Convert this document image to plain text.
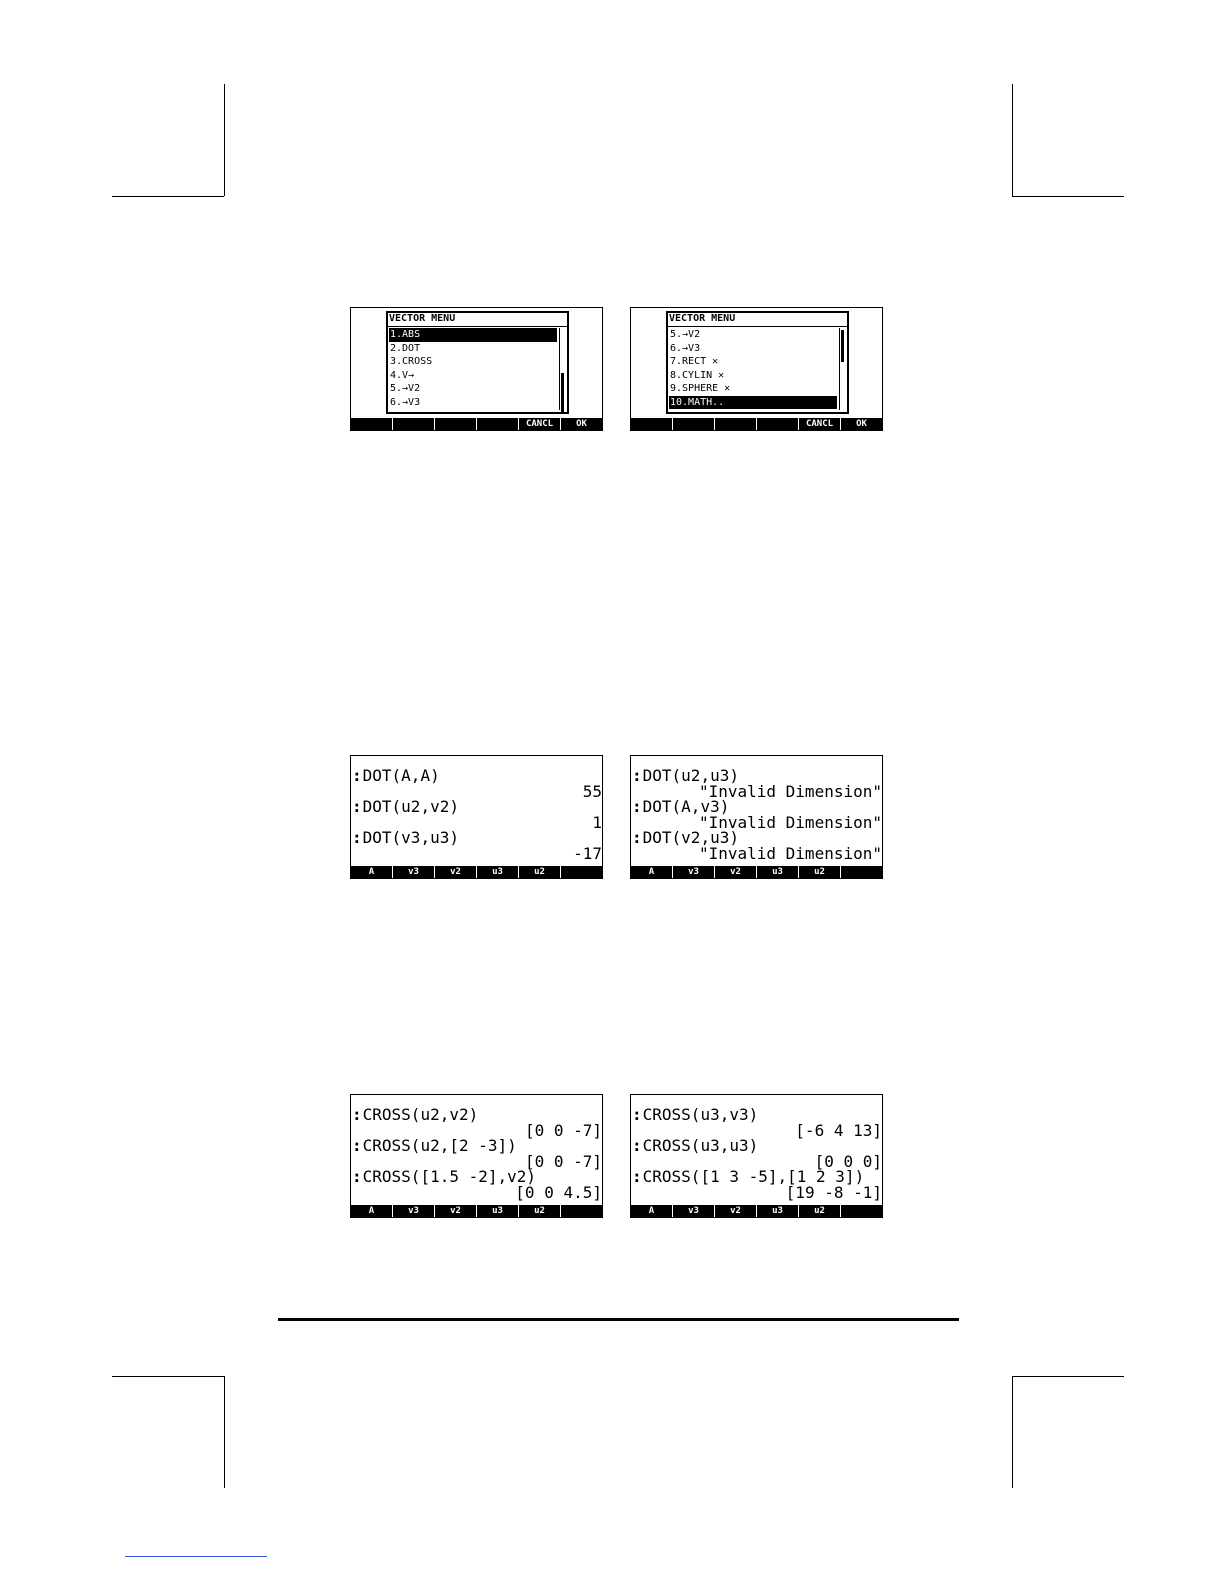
VECTOR MENU
1.ABS
2.DOT
3.CROSS
4.V→
5.→V2
6.→V3
CANCL	OK
VECTOR MENU
5.→V2
6.→V3
7.RECT ✕
8.CYLIN ✕
9.SPHERE ✕
10.MATH..
CANCL	OK
:DOT(A,A)
55
:DOT(u2,v2)
1
:DOT(v3,u3)
-17
A	v3	v2	u3	u2
:DOT(u2,u3)
"Invalid Dimension"
:DOT(A,v3)
"Invalid Dimension"
:DOT(v2,u3)
"Invalid Dimension"
A	v3	v2	u3	u2
:CROSS(u2,v2)
[0 0 -7]
:CROSS(u2,[2 -3])
[0 0 -7]
:CROSS([1.5 -2],v2)
[0 0 4.5]
A	v3	v2	u3	u2
:CROSS(u3,v3)
[-6 4 13]
:CROSS(u3,u3)
[0 0 0]
:CROSS([1 3 -5],[1 2 3])
[19 -8 -1]
A	v3	v2	u3	u2
